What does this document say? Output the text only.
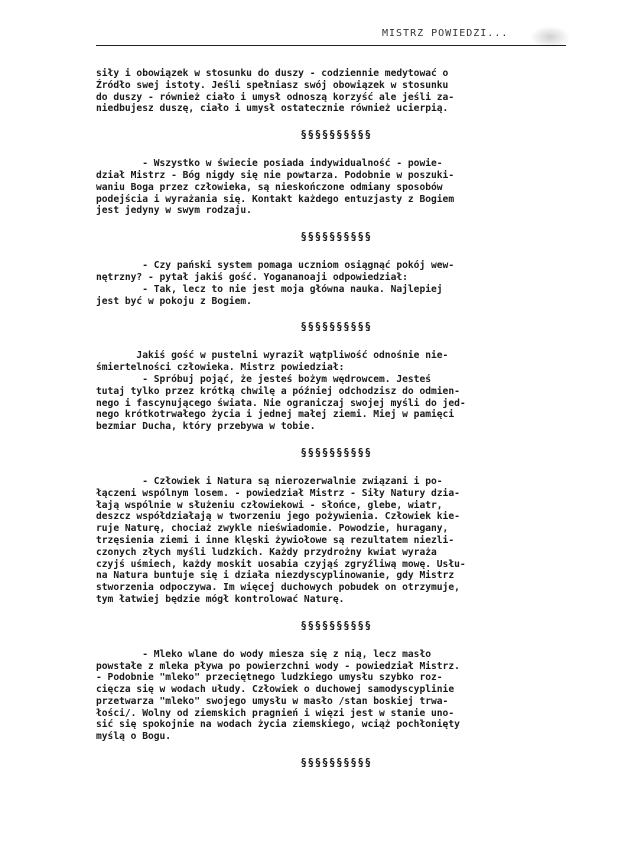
MISTRZ POWIEDZI...
siły i obowiązek w stosunku do duszy - codziennie medytować o
Źródło swej istoty. Jeśli spełniasz swój obowiązek w stosunku
do duszy - również ciało i umysł odnoszą korzyść ale jeśli za-
niedbujesz duszę, ciało i umysł ostatecznie również ucierpią.
§§§§§§§§§§
- Wszystko w świecie posiada indywidualność - powie-
dział Mistrz - Bóg nigdy się nie powtarza. Podobnie w poszuki-
waniu Boga przez człowieka, są nieskończone odmiany sposobów
podejścia i wyrażania się. Kontakt każdego entuzjasty z Bogiem
jest jedyny w swym rodzaju.
§§§§§§§§§§
- Czy pański system pomaga uczniom osiągnąć pokój wew-
nętrzny? - pytał jakiś gość. Yogananoaji odpowiedział:
- Tak, lecz to nie jest moja główna nauka. Najlepiej
jest być w pokoju z Bogiem.
§§§§§§§§§§
Jakiś gość w pustelni wyraził wątpliwość odnośnie nie-
śmiertelności człowieka. Mistrz powiedział:
- Spróbuj pojąć, że jesteś bożym wędrowcem. Jesteś
tutaj tylko przez krótką chwilę a później odchodzisz do odmien-
nego i fascynującego świata. Nie ograniczaj swojej myśli do jed-
nego krótkotrwałego życia i jednej małej ziemi. Miej w pamięci
bezmiar Ducha, który przebywa w tobie.
§§§§§§§§§§
- Człowiek i Natura są nierozerwalnie związani i po-
łączeni wspólnym losem. - powiedział Mistrz - Siły Natury dzia-
łają wspólnie w służeniu człowiekowi - słońce, glebe, wiatr,
deszcz współdziałają w tworzeniu jego pożywienia. Człowiek kie-
ruje Naturę, chociaż zwykle nieświadomie. Powodzie, huragany,
trzęsienia ziemi i inne klęski żywiołowe są rezultatem niezli-
czonych złych myśli ludzkich. Każdy przydrożny kwiat wyraża
czyjś uśmiech, każdy moskit uosabia czyjąś zgryźliwą mowę. Usłu-
na Natura buntuje się i działa niezdyscyplinowanie, gdy Mistrz
stworzenia odpoczywa. Im więcej duchowych pobudek on otrzymuje,
tym łatwiej będzie mógł kontrolować Naturę.
§§§§§§§§§§
- Mleko wlane do wody miesza się z nią, lecz masło
powstałe z mleka pływa po powierzchni wody - powiedział Mistrz.
- Podobnie "mleko" przeciętnego ludzkiego umysłu szybko roz-
cięcza się w wodach ułudy. Człowiek o duchowej samodyscyplinie
przetwarza "mleko" swojego umysłu w masło /stan boskiej trwa-
łości/. Wolny od ziemskich pragnień i więzi jest w stanie uno-
sić się spokojnie na wodach życia ziemskiego, wciąż pochłonięty
myślą o Bogu.
§§§§§§§§§§
